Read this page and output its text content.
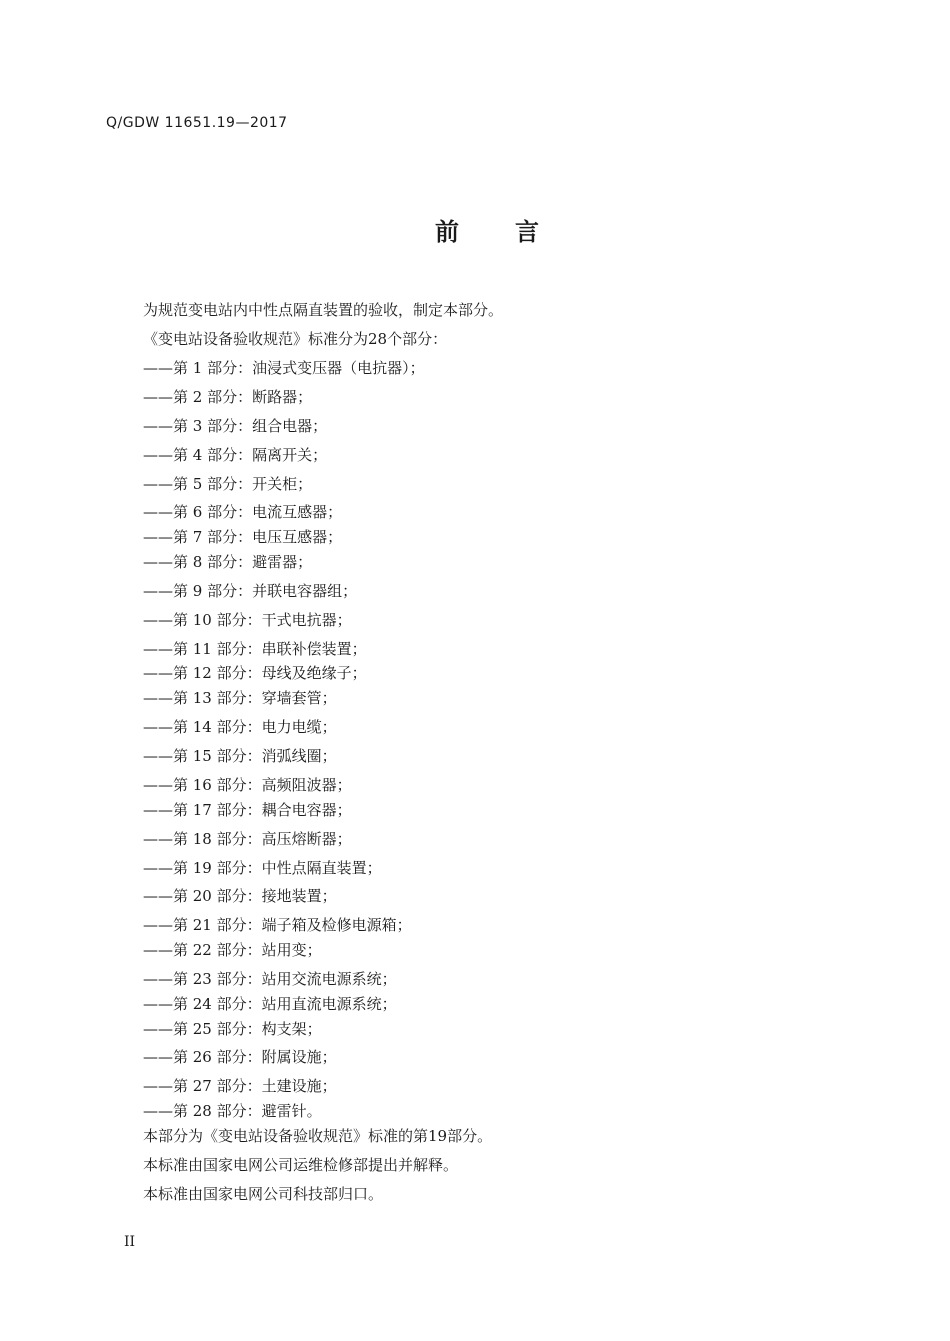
Q/GDW 11651.19—2017
前 言
为规范变电站内中性点隔直装置的验收，制定本部分。
《变电站设备验收规范》标准分为28个部分：
——第 1 部分：油浸式变压器（电抗器）；
——第 2 部分：断路器；
——第 3 部分：组合电器；
——第 4 部分：隔离开关；
——第 5 部分：开关柜；
——第 6 部分：电流互感器；
——第 7 部分：电压互感器；
——第 8 部分：避雷器；
——第 9 部分：并联电容器组；
——第 10 部分：干式电抗器；
——第 11 部分：串联补偿装置；
——第 12 部分：母线及绝缘子；
——第 13 部分：穿墙套管；
——第 14 部分：电力电缆；
——第 15 部分：消弧线圈；
——第 16 部分：高频阻波器；
——第 17 部分：耦合电容器；
——第 18 部分：高压熔断器；
——第 19 部分：中性点隔直装置；
——第 20 部分：接地装置；
——第 21 部分：端子箱及检修电源箱；
——第 22 部分：站用变；
——第 23 部分：站用交流电源系统；
——第 24 部分：站用直流电源系统；
——第 25 部分：构支架；
——第 26 部分：附属设施；
——第 27 部分：土建设施；
——第 28 部分：避雷针。
本部分为《变电站设备验收规范》标准的第19部分。
本标准由国家电网公司运维检修部提出并解释。
本标准由国家电网公司科技部归口。
II
